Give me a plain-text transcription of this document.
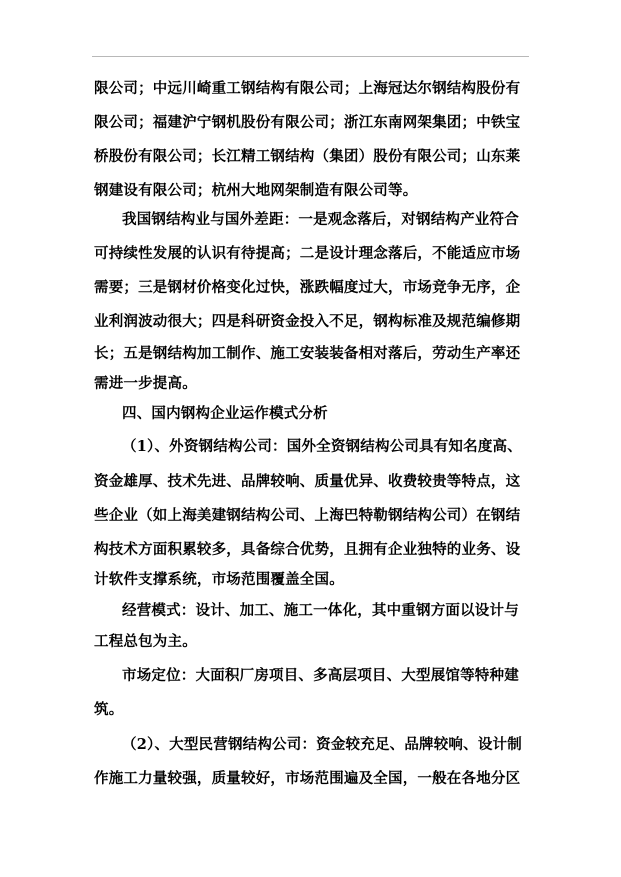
限公司；中远川崎重工钢结构有限公司；上海冠达尔钢结构股份有
限公司；福建沪宁钢机股份有限公司；浙江东南网架集团；中铁宝
桥股份有限公司；长江精工钢结构（集团）股份有限公司；山东莱
钢建设有限公司；杭州大地网架制造有限公司等。
我国钢结构业与国外差距：一是观念落后，对钢结构产业符合
可持续性发展的认识有待提高；二是设计理念落后，不能适应市场
需要；三是钢材价格变化过快，涨跌幅度过大，市场竞争无序，企
业利润波动很大；四是科研资金投入不足，钢构标准及规范编修期
长；五是钢结构加工制作、施工安装装备相对落后，劳动生产率还
需进一步提高。
四、国内钢构企业运作模式分析
（1）、外资钢结构公司：国外全资钢结构公司具有知名度高、
资金雄厚、技术先进、品牌较响、质量优异、收费较贵等特点，这
些企业（如上海美建钢结构公司、上海巴特勒钢结构公司）在钢结
构技术方面积累较多，具备综合优势，且拥有企业独特的业务、设
计软件支撑系统，市场范围覆盖全国。
经营模式：设计、加工、施工一体化，其中重钢方面以设计与
工程总包为主。
市场定位：大面积厂房项目、多高层项目、大型展馆等特种建
筑。
（2）、大型民营钢结构公司：资金较充足、品牌较响、设计制
作施工力量较强，质量较好，市场范围遍及全国，一般在各地分区
